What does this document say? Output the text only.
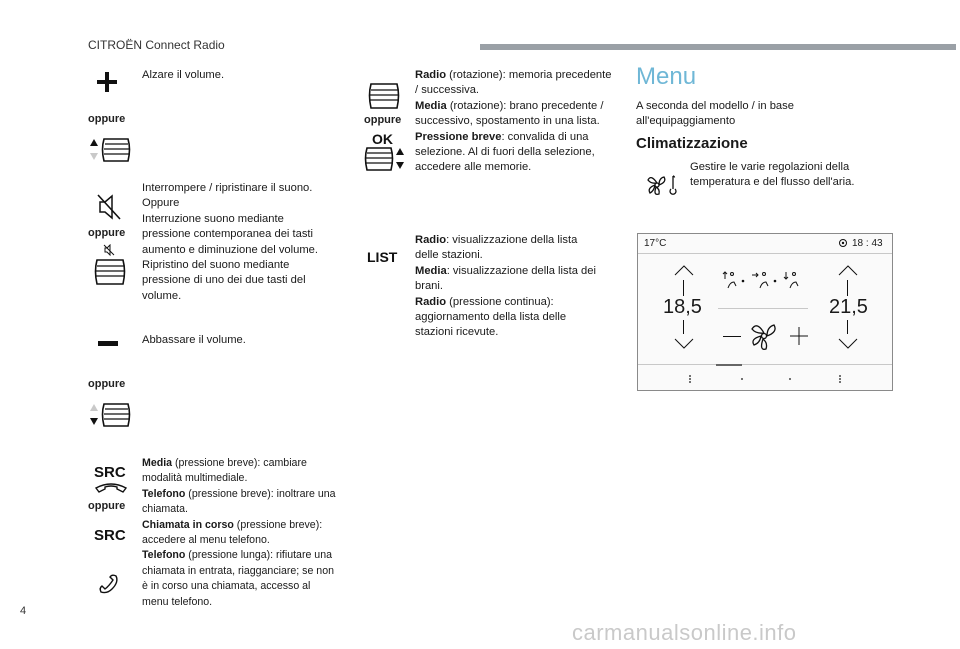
CITROËN Connect Radio
Alzare il volume.
oppure
oppure
Interrompere / ripristinare il suono.
Oppure
Interruzione suono mediante pressione contemporanea dei tasti aumento e diminuzione del volume.
Ripristino del suono mediante pressione di uno dei due tasti del volume.
Abbassare il volume.
oppure
SRC
oppure
SRC
Media (pressione breve): cambiare modalità multimediale.
Telefono (pressione breve): inoltrare una chiamata.
Chiamata in corso (pressione breve): accedere al menu telefono.
Telefono (pressione lunga): rifiutare una chiamata in entrata, riagganciare; se non è in corso una chiamata, accesso al menu telefono.
oppure
OK
Radio (rotazione): memoria precedente / successiva.
Media (rotazione): brano precedente / successivo, spostamento in una lista.
Pressione breve: convalida di una selezione. Al di fuori della selezione, accedere alle memorie.
LIST
Radio: visualizzazione della lista delle stazioni.
Media: visualizzazione della lista dei brani.
Radio (pressione continua): aggiornamento della lista delle stazioni ricevute.
Menu
A seconda del modello / in base all'equipaggiamento
Climatizzazione
Gestire le varie regolazioni della temperatura e del flusso dell'aria.
17°C	18 : 43
18,5	21,5
4
carmanualsonline.info
